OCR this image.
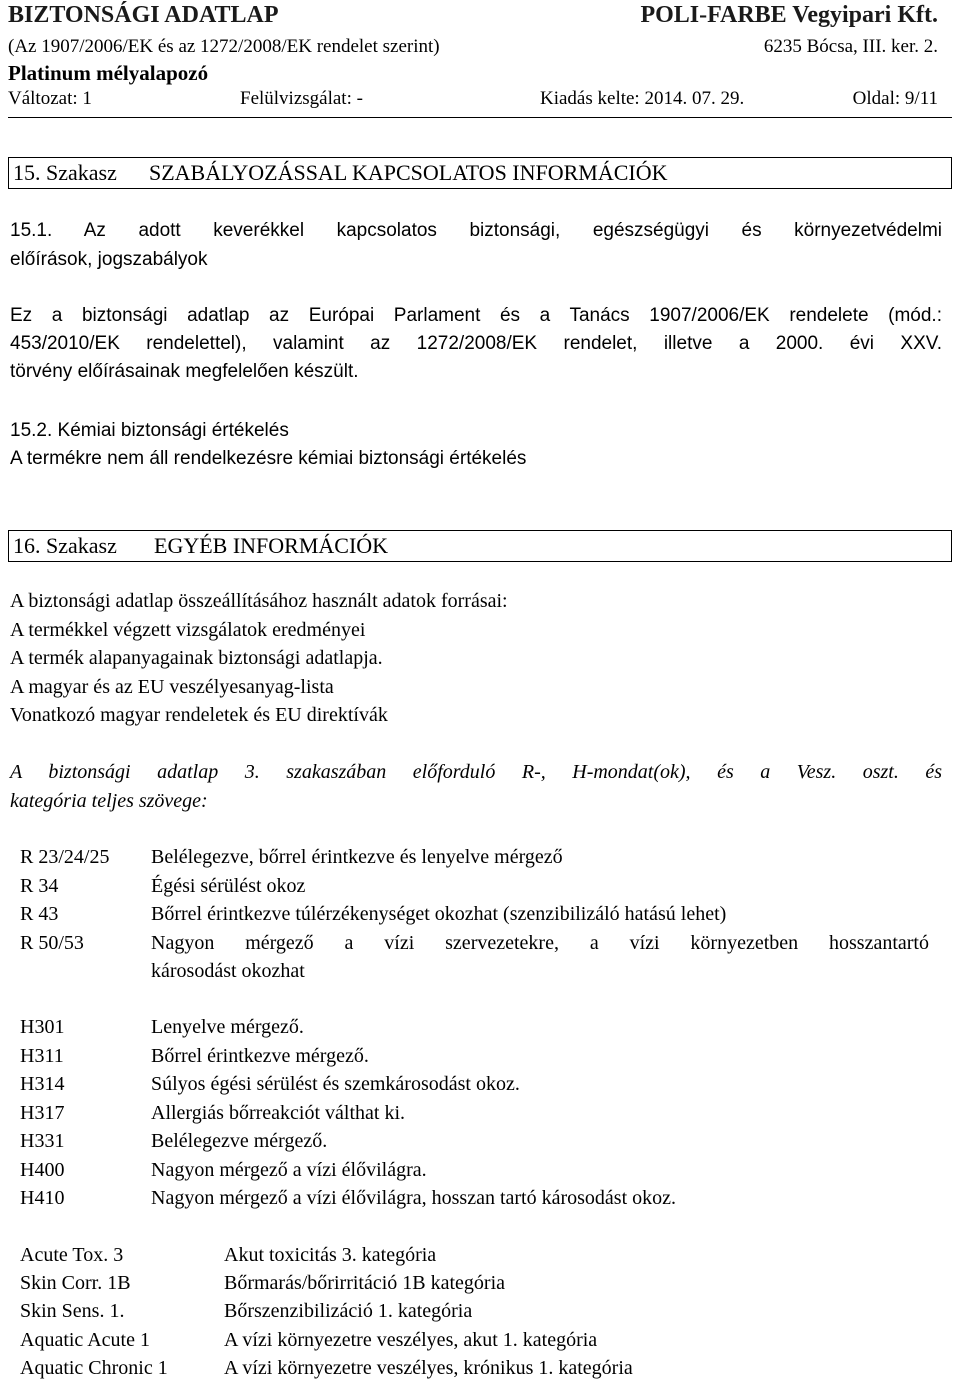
BIZTONSÁGI ADATLAP	POLI-FARBE Vegyipari Kft.
(Az 1907/2006/EK és az 1272/2008/EK rendelet szerint)	6235 Bócsa, III. ker. 2.
Platinum mélyalapozó
Változat: 1	Felülvizsgálat: -	Kiadás kelte: 2014. 07. 29.	Oldal: 9/11
15. Szakasz SZABÁLYOZÁSSAL KAPCSOLATOS INFORMÁCIÓK
15.1. Az adott keverékkel kapcsolatos biztonsági, egészségügyi és környezetvédelmi
előírások, jogszabályok
Ez a biztonsági adatlap az Európai Parlament és a Tanács 1907/2006/EK rendelete (mód.:
453/2010/EK rendelettel), valamint az 1272/2008/EK rendelet, illetve a 2000. évi XXV.
törvény előírásainak megfelelően készült.
15.2. Kémiai biztonsági értékelés
A termékre nem áll rendelkezésre kémiai biztonsági értékelés
16. Szakasz EGYÉB INFORMÁCIÓK
A biztonsági adatlap összeállításához használt adatok forrásai:
A termékkel végzett vizsgálatok eredményei
A termék alapanyagainak biztonsági adatlapja.
A magyar és az EU veszélyesanyag-lista
Vonatkozó magyar rendeletek és EU direktívák
A biztonsági adatlap 3. szakaszában előforduló R-, H-mondat(ok), és a Vesz. oszt. és
kategória teljes szövege:
R 23/24/25 Belélegezve, bőrrel érintkezve és lenyelve mérgező
R 34	Égési sérülést okoz
R 43	Bőrrel érintkezve túlérzékenységet okozhat (szenzibilizáló hatású lehet)
R 50/53	Nagyon mérgező a vízi szervezetekre, a vízi környezetben hosszantartó
károsodást okozhat
H301	Lenyelve mérgező.
H311	Bőrrel érintkezve mérgező.
H314	Súlyos égési sérülést és szemkárosodást okoz.
H317	Allergiás bőrreakciót válthat ki.
H331	Belélegezve mérgező.
H400	Nagyon mérgező a vízi élővilágra.
H410	Nagyon mérgező a vízi élővilágra, hosszan tartó károsodást okoz.
Acute Tox. 3	Akut toxicitás 3. kategória
Skin Corr. 1B	Bőrmarás/bőrirritáció 1B kategória
Skin Sens. 1.	Bőrszenzibilizáció 1. kategória
Aquatic Acute 1	A vízi környezetre veszélyes, akut 1. kategória
Aquatic Chronic 1	A vízi környezetre veszélyes, krónikus 1. kategória
